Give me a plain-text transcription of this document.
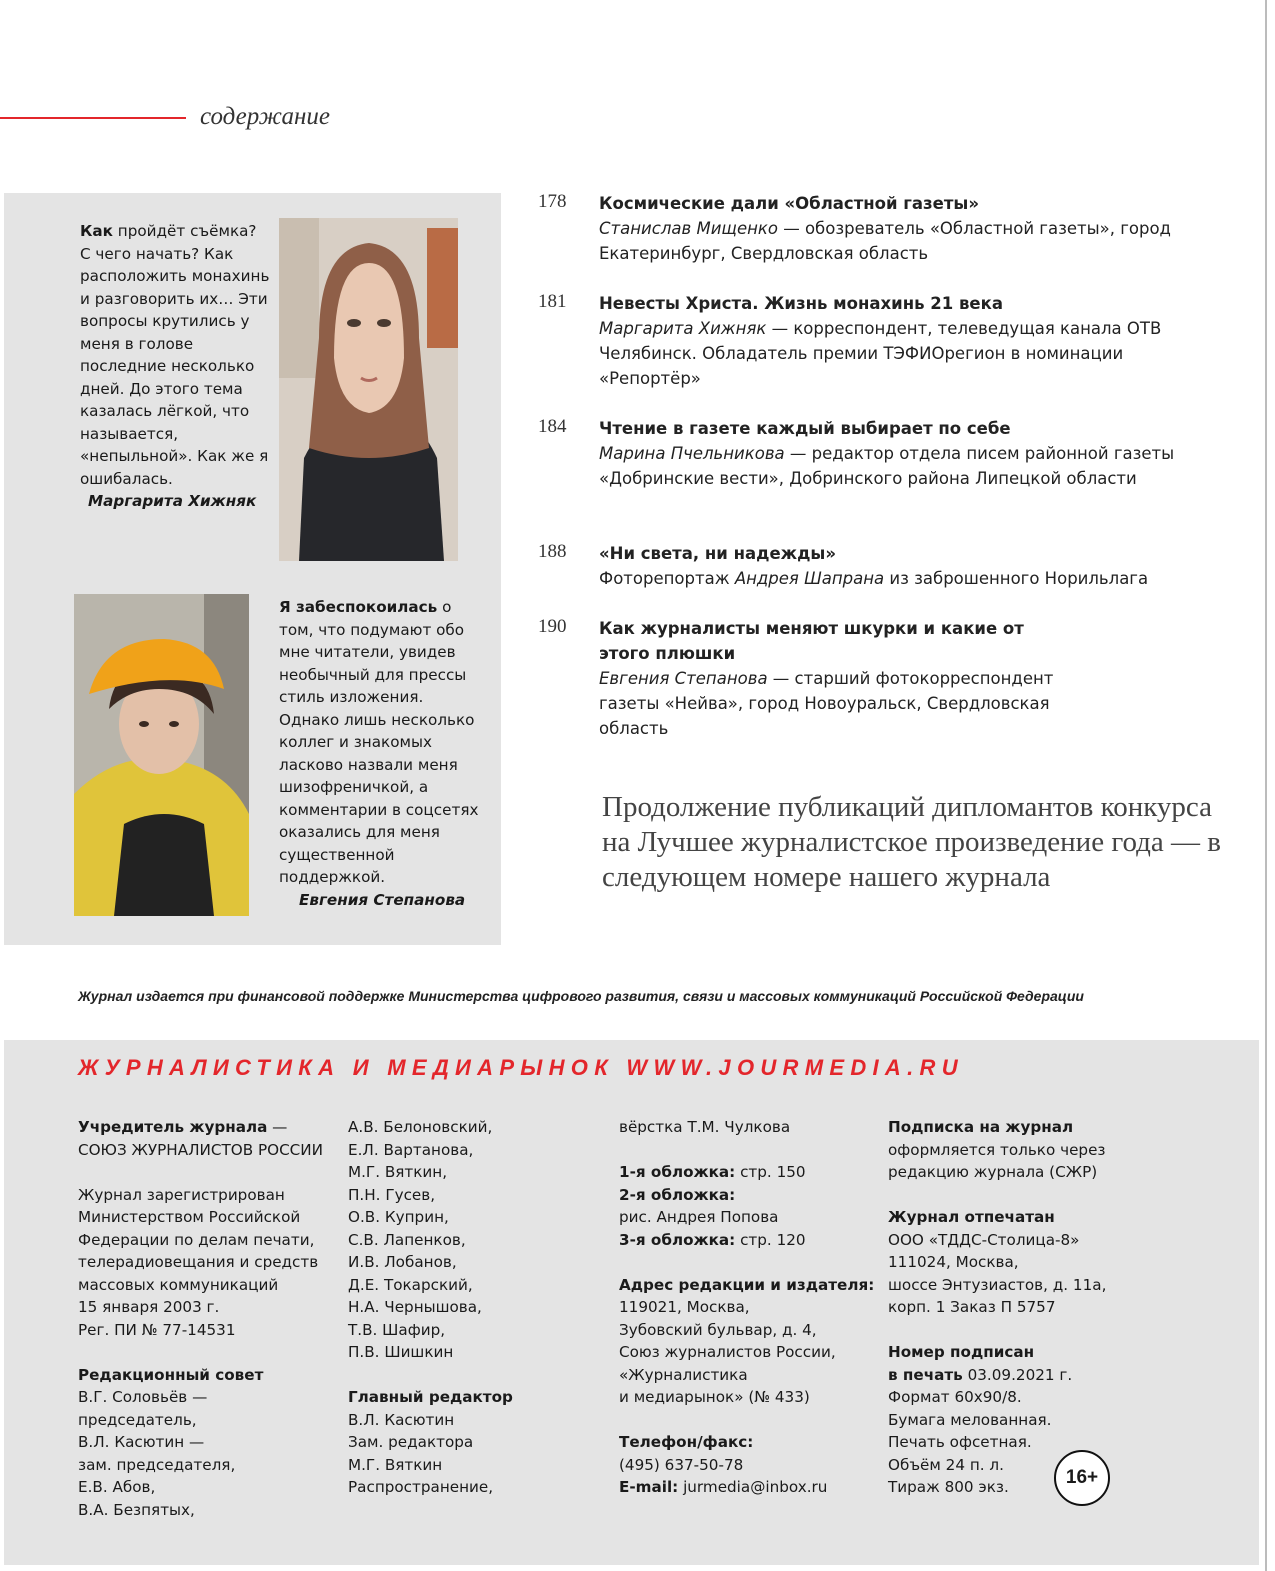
содержание
Как пройдёт съёмка? С чего начать? Как расположить монахинь и разговорить их… Эти вопросы крутились у меня в голове последние несколько дней. До этого тема казалась лёгкой, что называется, «непыльной». Как же я ошибалась.
Маргарита Хижняк
Я забеспокоилась о том, что подумают обо мне читатели, увидев необычный для прессы стиль изложения. Однако лишь несколько коллег и знакомых ласково назвали меня шизофреничкой, а комментарии в соцсетях оказались для меня существенной поддержкой.
Евгения Степанова
178 Космические дали «Областной газеты»
Станислав Мищенко — обозреватель «Областной газеты», город Екатеринбург, Свердловская область
181 Невесты Христа. Жизнь монахинь 21 века
Маргарита Хижняк — корреспондент, телеведущая канала ОТВ Челябинск. Обладатель премии ТЭФИОрегион в номинации «Репортёр»
184 Чтение в газете каждый выбирает по себе
Марина Пчельникова — редактор отдела писем районной газеты «Добринские вести», Добринского района Липецкой области
188 «Ни света, ни надежды»
Фоторепортаж Андрея Шапрана из заброшенного Норильлага
190 Как журналисты меняют шкурки и какие от этого плюшки
Евгения Степанова — старший фотокорреспондент газеты «Нейва», город Новоуральск, Свердловская область
Продолжение публикаций дипломантов конкурса на Лучшее журналистское произведение года — в следующем номере нашего журнала
Журнал издается при финансовой поддержке Министерства цифрового развития, связи и массовых коммуникаций Российской Федерации
ЖУРНАЛИСТИКА И МЕДИАРЫНОК WWW.JOURMEDIA.RU

Учредитель журнала —
СОЮЗ ЖУРНАЛИСТОВ РОССИИ

Журнал зарегистрирован
Министерством Российской
Федерации по делам печати,
телерадиовещания и средств
массовых коммуникаций
15 января 2003 г.
Рег. ПИ № 77-14531

Редакционный совет
В.Г. Соловьёв — председатель,
В.Л. Касютин —
зам. председателя,
Е.В. Абов,
В.А. Безпятых,

А.В. Белоновский,
Е.Л. Вартанова,
М.Г. Вяткин,
П.Н. Гусев,
О.В. Куприн,
С.В. Лапенков,
И.В. Лобанов,
Д.Е. Токарский,
Н.А. Чернышова,
Т.В. Шафир,
П.В. Шишкин

Главный редактор
В.Л. Касютин
Зам. редактора
М.Г. Вяткин
Распространение,

вёрстка Т.М. Чулкова

1-я обложка: стр. 150
2-я обложка:
рис. Андрея Попова
3-я обложка: стр. 120

Адрес редакции и издателя:
119021, Москва,
Зубовский бульвар, д. 4,
Союз журналистов России,
«Журналистика
и медиарынок» (№ 433)

Телефон/факс:
(495) 637-50-78
E-mail: jurmedia@inbox.ru

Подписка на журнал
оформляется только через
редакцию журнала (СЖР)

Журнал отпечатан
ООО «ТДДС-Столица-8»
111024, Москва,
шоссе Энтузиастов, д. 11а,
корп. 1 Заказ П 5757

Номер подписан
в печать 03.09.2021 г.
Формат 60х90/8.
Бумага мелованная.
Печать офсетная.
Объём 24 п. л.
Тираж 800 экз.	16+
